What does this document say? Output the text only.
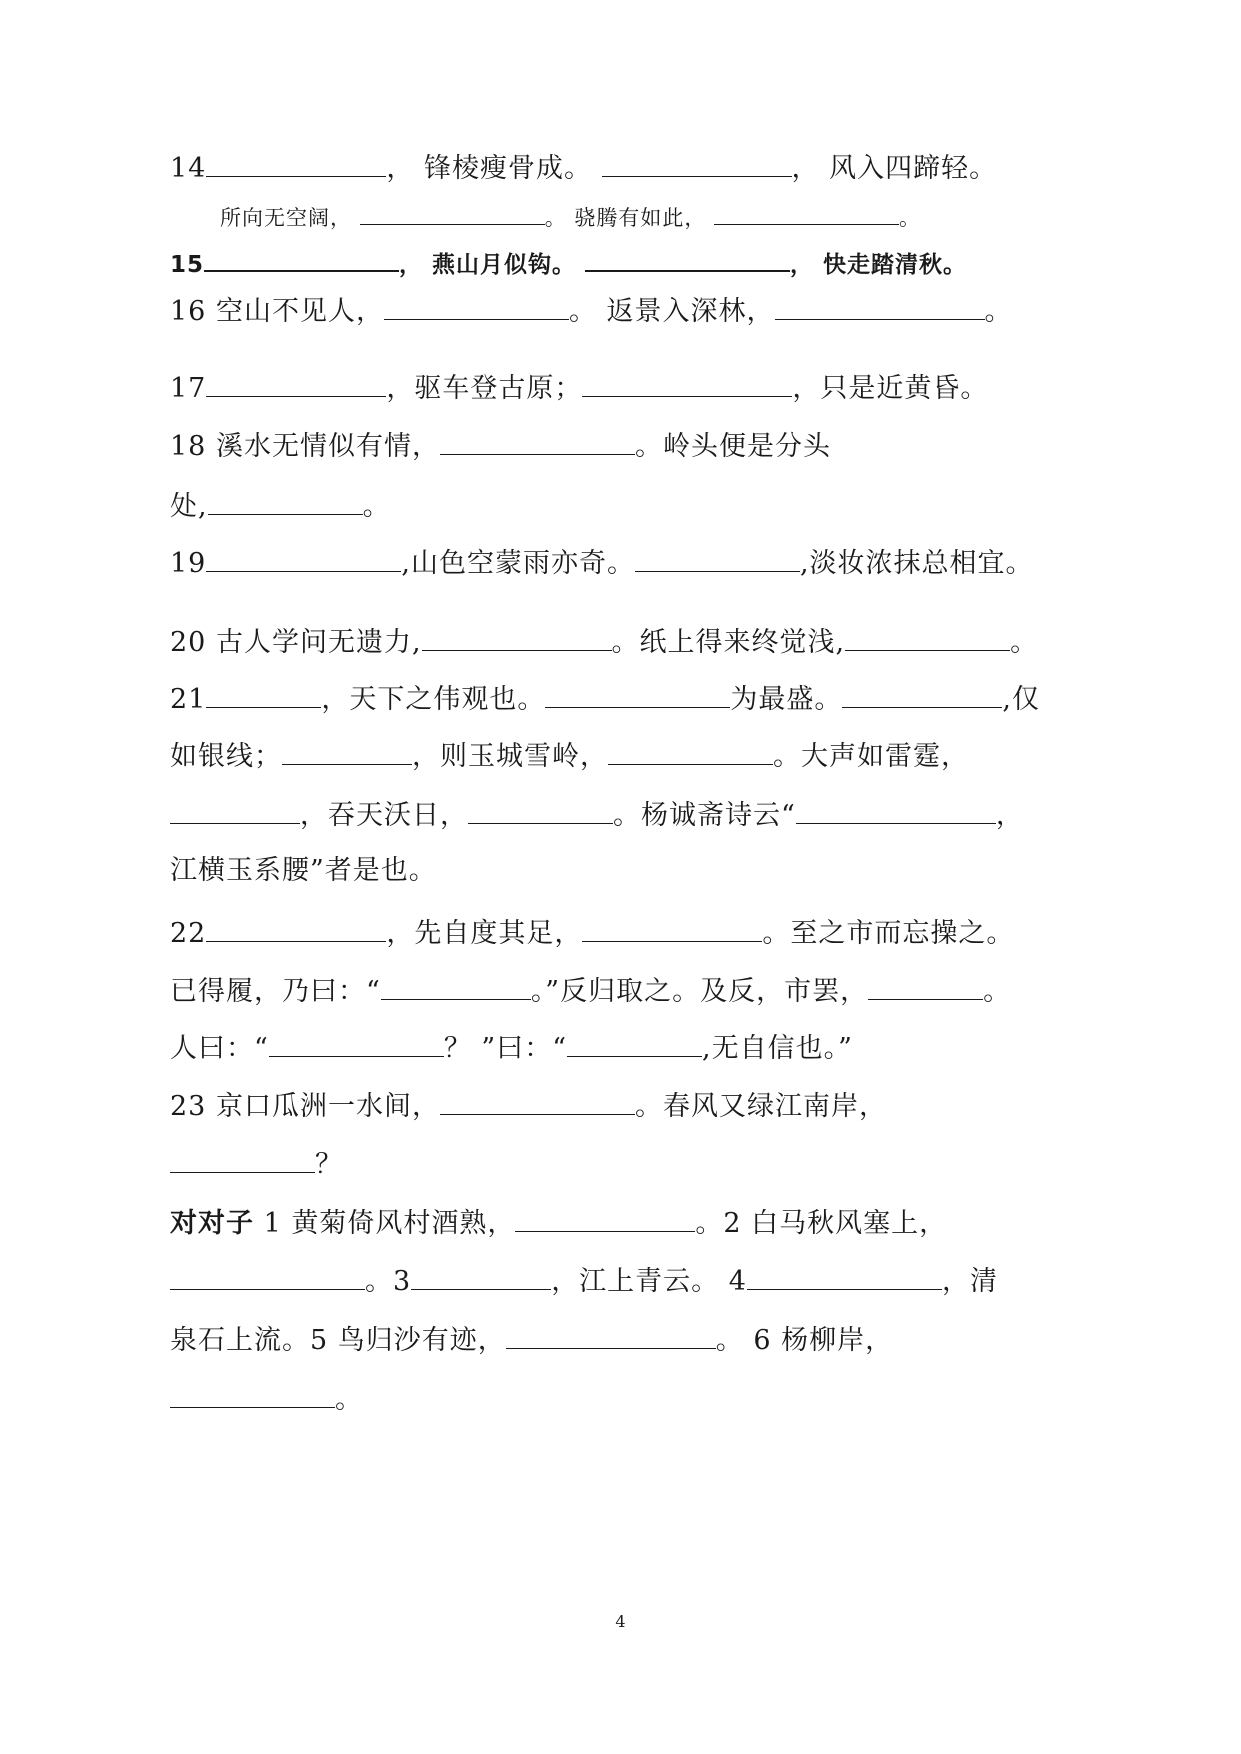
14	， 锋棱瘦骨成。	， 风入四蹄轻。
所向无空阔，	。 骁腾有如此，	。
15	， 燕山月似钩。	， 快走踏清秋。
16 空山不见人，	。 返景入深林，	。
17	，驱车登古原；	，只是近黄昏。
18 溪水无情似有情，	。岭头便是分头
处,	。
19	,山色空蒙雨亦奇。	,淡妆浓抹总相宜。
20 古人学问无遗力,	。纸上得来终觉浅,	。
21	，天下之伟观也。	为最盛。	,仅
如银线；	，则玉城雪岭，	。大声如雷霆，
，吞天沃日，	。杨诚斋诗云“	，
江横玉系腰”者是也。
22	，先自度其足，	。至之市而忘操之。
已得履，乃曰：“	。”反归取之。及反，市罢，	。
人曰：“	？ ”曰：“	,无自信也。”
23 京口瓜洲一水间，	。春风又绿江南岸，
？
对对子 1 黄菊倚风村酒熟，	。2 白马秋风塞上，
。3	，江上青云。 4	，清
泉石上流。5 鸟归沙有迹，	。 6 杨柳岸，
。
4
